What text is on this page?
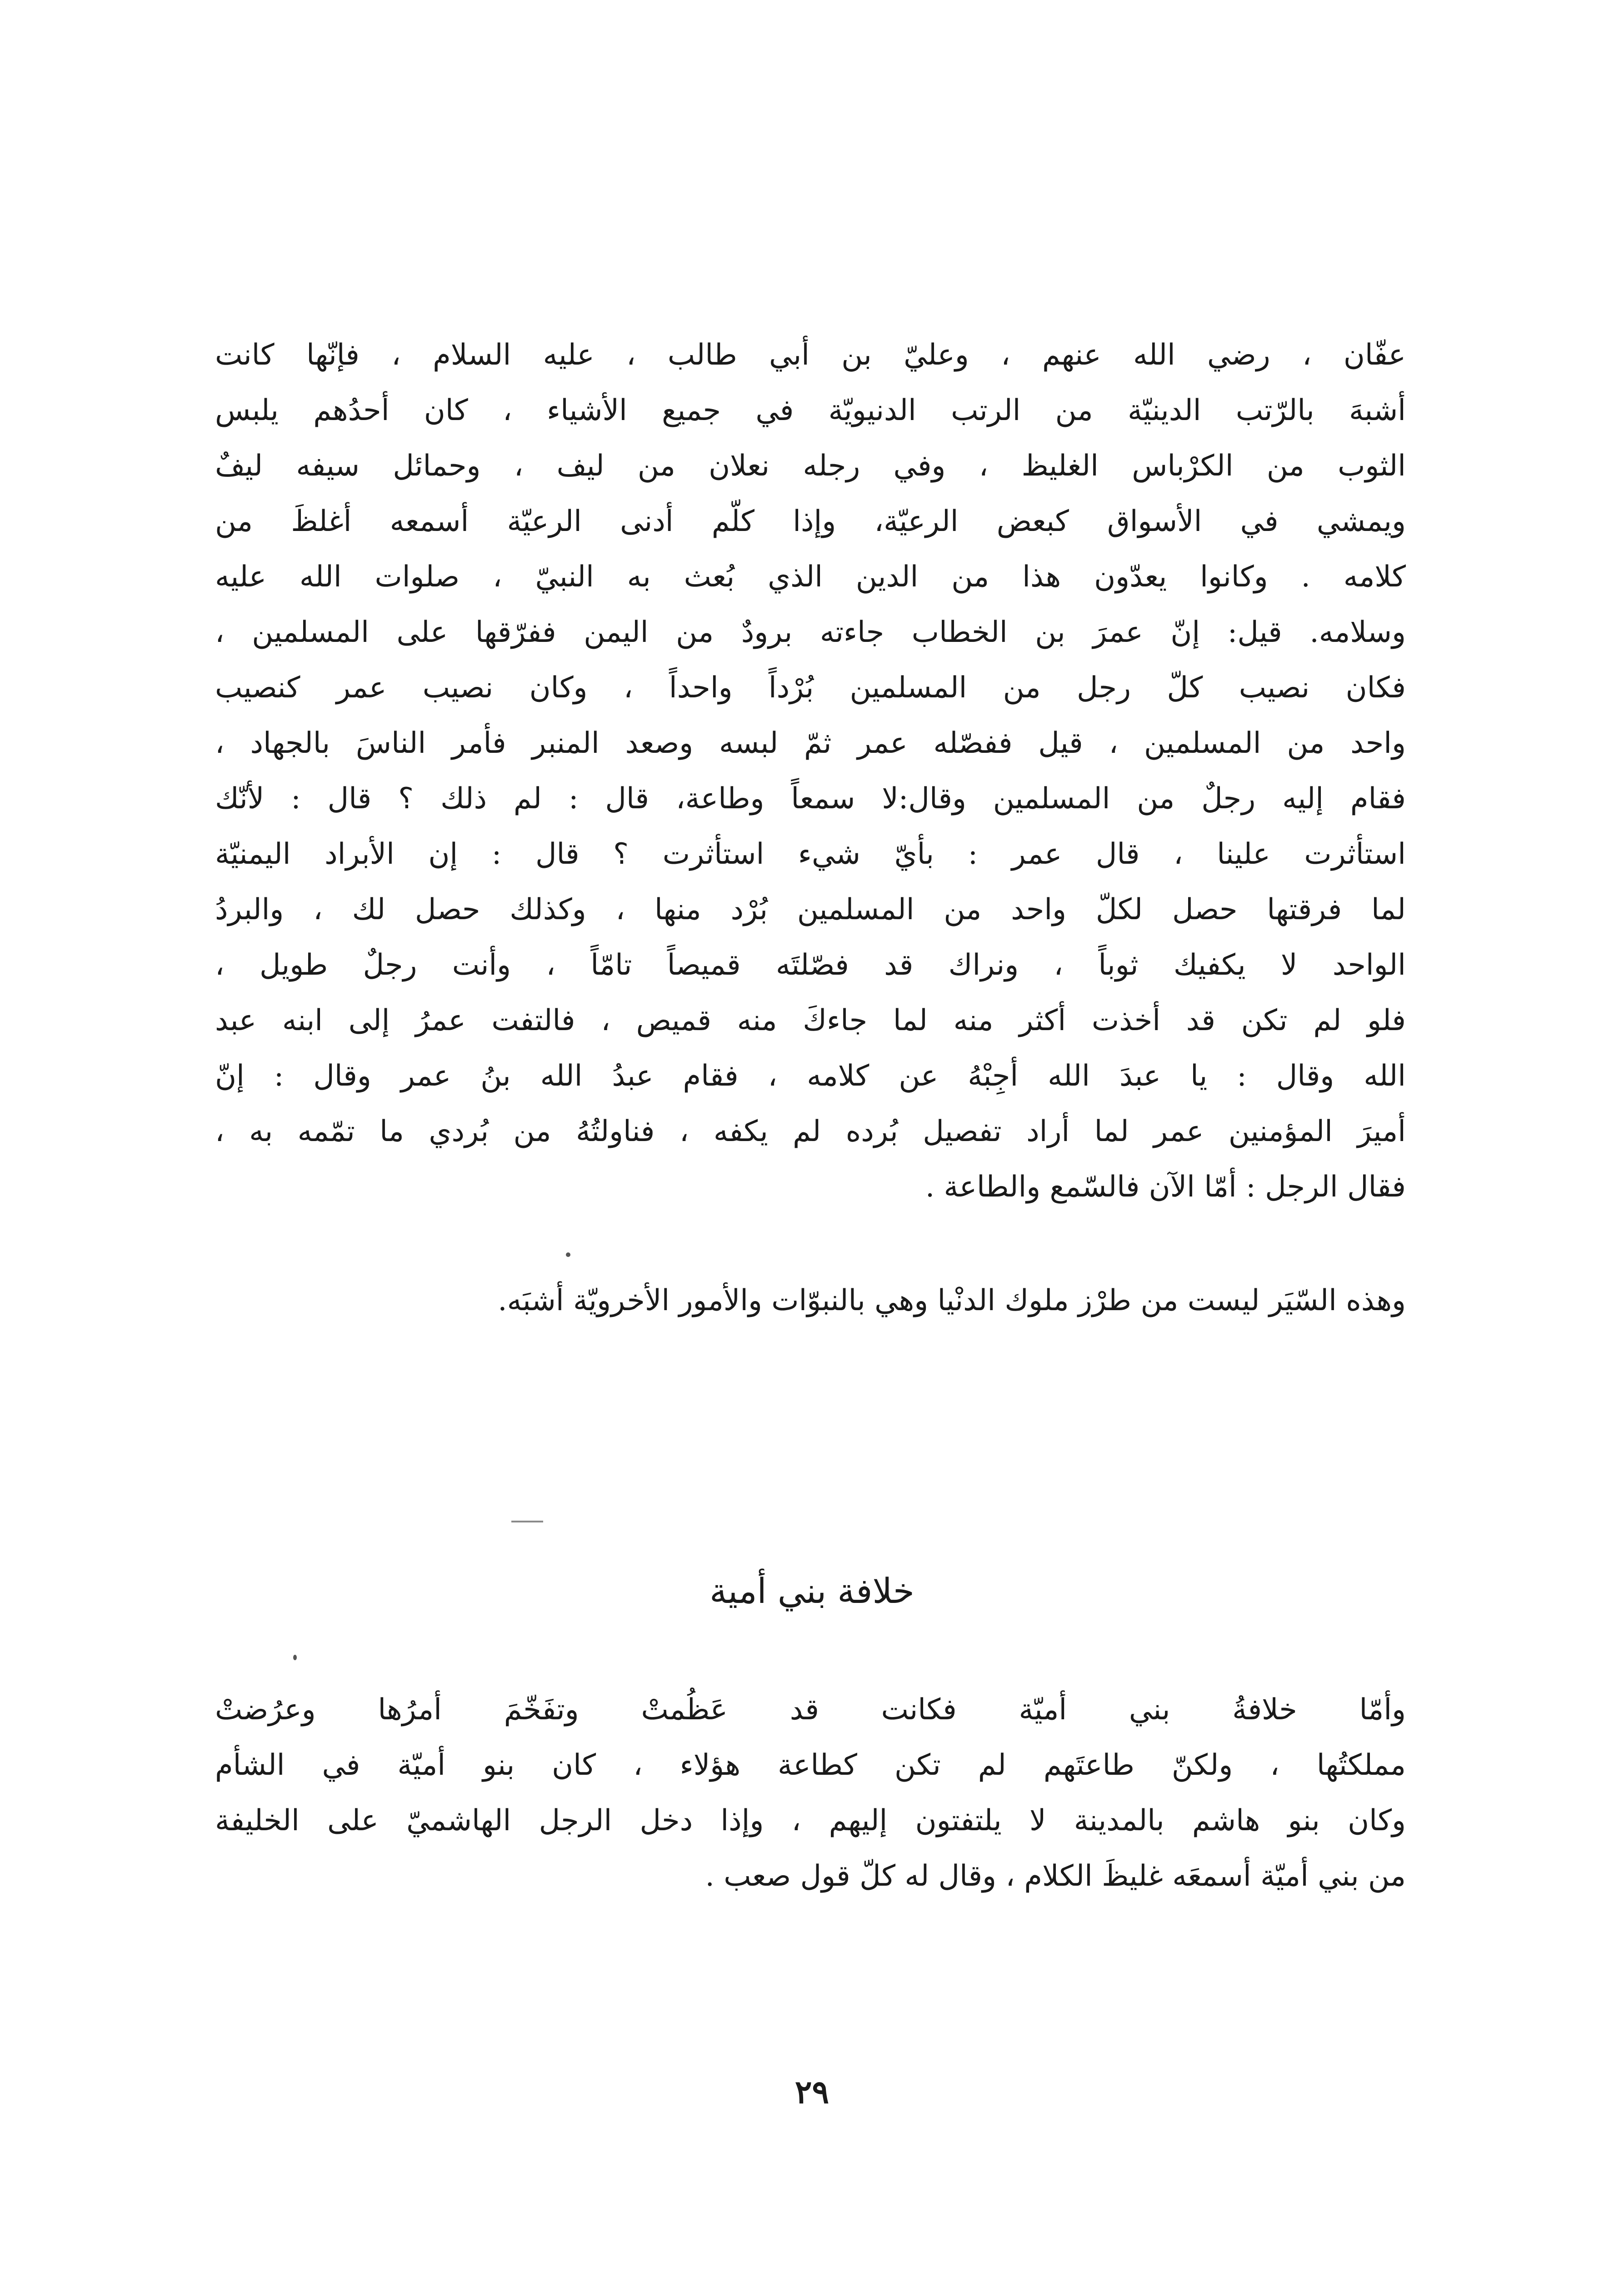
عفّان ، رضي الله عنهم ، وعليّ بن أبي طالب ، عليه السلام ، فإنّها كانت
أشبهَ بالرّتب الدينيّة من الرتب الدنيويّة في جميع الأشياء ، كان أحدُهم يلبس
الثوب من الكرْباس الغليظ ، وفي رجله نعلان من ليف ، وحمائل سيفه ليفٌ
ويمشي في الأسواق كبعض الرعيّة، وإذا كلّم أدنى الرعيّة أسمعه أغلظَ من
كلامه . وكانوا يعدّون هذا من الدين الذي بُعث به النبيّ ، صلوات الله عليه
وسلامه. قيل: إنّ عمرَ بن الخطاب جاءته برودٌ من اليمن ففرّقها على المسلمين ،
فكان نصيب كلّ رجل من المسلمين بُرْداً واحداً ، وكان نصيب عمر كنصيب
واحد من المسلمين ، قيل ففصّله عمر ثمّ لبسه وصعد المنبر فأمر الناسَ بالجهاد ،
فقام إليه رجلٌ من المسلمين وقال:لا سمعاً وطاعة، قال : لم ذلك ؟ قال : لأنّك
استأثرت علينا ، قال عمر : بأيّ شيء استأثرت ؟ قال : إن الأبراد اليمنيّة
لما فرقتها حصل لكلّ واحد من المسلمين بُرْد منها ، وكذلك حصل لك ، والبردُ
الواحد لا يكفيك ثوباً ، ونراك قد فصّلتَه قميصاً تامّاً ، وأنت رجلٌ طويل ،
فلو لم تكن قد أخذت أكثر منه لما جاءكَ منه قميص ، فالتفت عمرُ إلى ابنه عبد
الله وقال : يا عبدَ الله أجِبْهُ عن كلامه ، فقام عبدُ الله بنُ عمر وقال : إنّ
أميرَ المؤمنين عمر لما أراد تفصيل بُرده لم يكفه ، فناولتُهُ من بُردي ما تمّمه به ،
فقال الرجل : أمّا الآن فالسّمع والطاعة .
وهذه السّيَر ليست من طرْز ملوك الدنْيا وهي بالنبوّات والأمور الأخرويّة أشبَه.
خلافة بني أمية
وأمّا خلافةُ بني أميّة فكانت قد عَظُمتْ وتفَخّمَ أمرُها وعرُضتْ
مملكتُها ، ولكنّ طاعتَهم لم تكن كطاعة هؤلاء ، كان بنو أميّة في الشأم
وكان بنو هاشم بالمدينة لا يلتفتون إليهم ، وإذا دخل الرجل الهاشميّ على الخليفة
من بني أميّة أسمعَه غليظَ الكلام ، وقال له كلّ قول صعب .
٢٩
